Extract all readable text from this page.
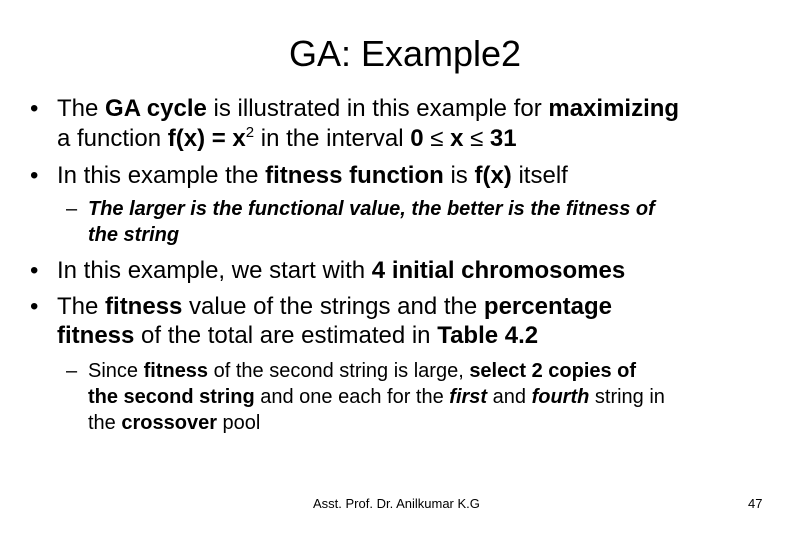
GA: Example2
• The GA cycle is illustrated in this example for maximizing
a function $f(x) = x^2$ in the interval 0 ≤ x ≤ 31
• In this example the fitness function is f(x) itself
– The larger is the functional value, the better is the fitness of
the string
• In this example, we start with 4 initial chromosomes
• The fitness value of the strings and the percentage
fitness of the total are estimated in Table 4.2
– Since fitness of the second string is large, select 2 copies of
the second string and one each for the first and fourth string in
the crossover pool
Asst. Prof. Dr. Anilkumar K.G	47
